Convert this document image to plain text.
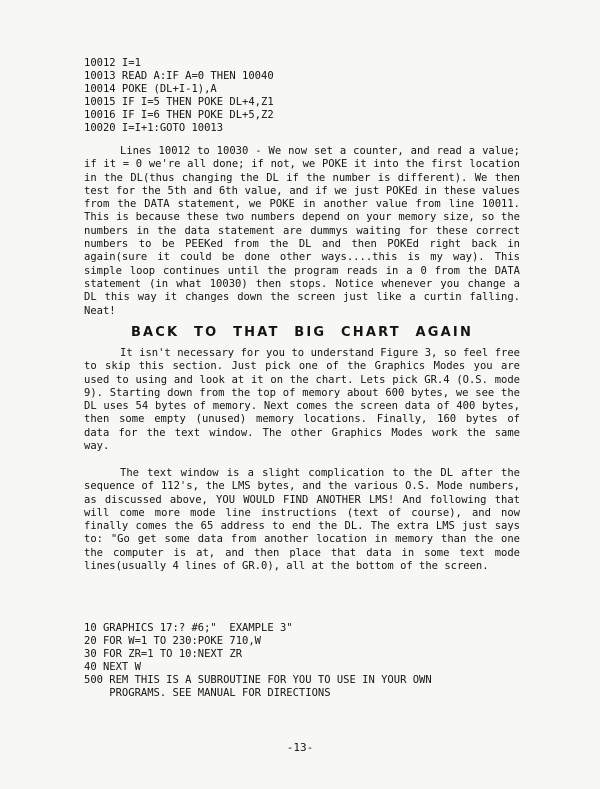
10012 I=1
10013 READ A:IF A=0 THEN 10040
10014 POKE (DL+I-1),A
10015 IF I=5 THEN POKE DL+4,Z1
10016 IF I=6 THEN POKE DL+5,Z2
10020 I=I+1:GOTO 10013
Lines 10012 to 10030 - We now set a counter, and read a value; if it = 0 we're all done; if not, we POKE it into the first location in the DL(thus changing the DL if the number is different). We then test for the 5th and 6th value, and if we just POKEd in these values from the DATA statement, we POKE in another value from line 10011. This is because these two numbers depend on your memory size, so the numbers in the data statement are dummys waiting for these correct numbers to be PEEKed from the DL and then POKEd right back in again(sure it could be done other ways....this is my way). This simple loop continues until the program reads in a 0 from the DATA statement (in what 10030) then stops. Notice whenever you change a DL this way it changes down the screen just like a curtin falling. Neat!
BACK TO THAT BIG CHART AGAIN
It isn't necessary for you to understand Figure 3, so feel free to skip this section. Just pick one of the Graphics Modes you are used to using and look at it on the chart. Lets pick GR.4 (O.S. mode 9). Starting down from the top of memory about 600 bytes, we see the DL uses 54 bytes of memory. Next comes the screen data of 400 bytes, then some empty (unused) memory locations. Finally, 160 bytes of data for the text window. The other Graphics Modes work the same way.
The text window is a slight complication to the DL after the sequence of 112's, the LMS bytes, and the various O.S. Mode numbers, as discussed above, YOU WOULD FIND ANOTHER LMS! And following that will come more mode line instructions (text of course), and now finally comes the 65 address to end the DL. The extra LMS just says to: "Go get some data from another location in memory than the one the computer is at, and then place that data in some text mode lines(usually 4 lines of GR.0), all at the bottom of the screen.
10 GRAPHICS 17:? #6;"  EXAMPLE 3"
20 FOR W=1 TO 230:POKE 710,W
30 FOR ZR=1 TO 10:NEXT ZR
40 NEXT W
500 REM THIS IS A SUBROUTINE FOR YOU TO USE IN YOUR OWN
PROGRAMS. SEE MANUAL FOR DIRECTIONS
-13-
